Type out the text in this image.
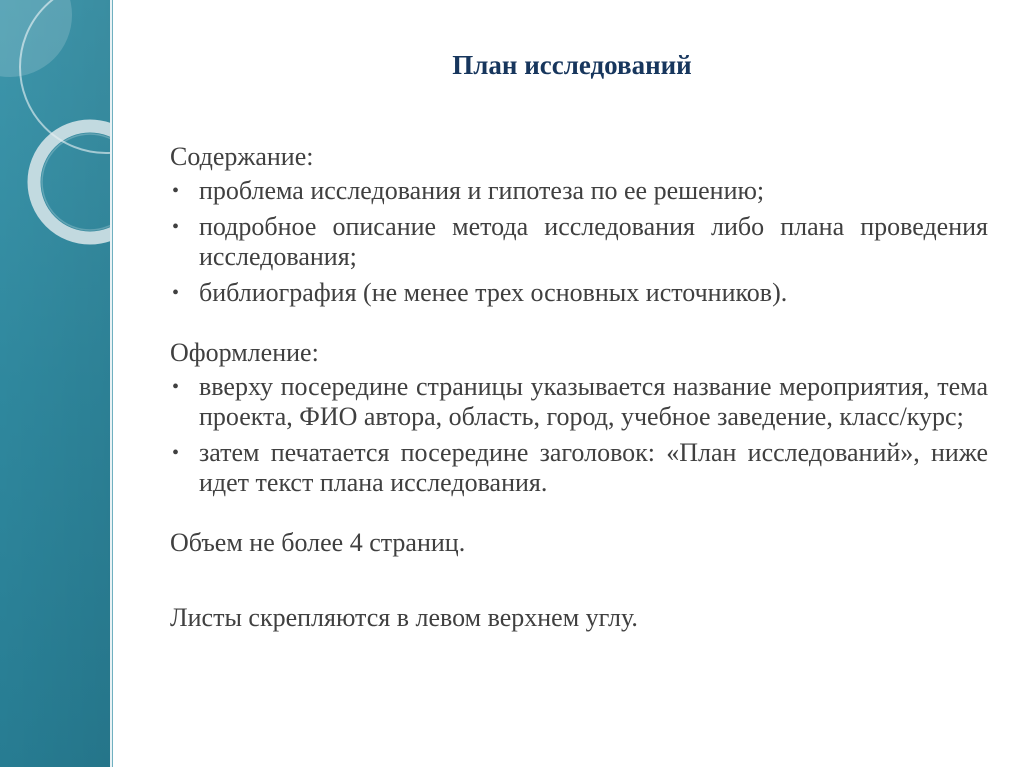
План исследований

Содержание:

• проблема исследования и гипотеза по ее решению;
• подробное описание метода исследования либо плана проведения исследования;
• библиография (не менее трех основных источников).

Оформление:

• вверху посередине страницы указывается название мероприятия, тема проекта, ФИО автора, область, город, учебное заведение, класс/курс;
• затем печатается посередине заголовок: «План исследований», ниже идет текст плана исследования.

Объем не более 4 страниц.

Листы скрепляются в левом верхнем углу.
